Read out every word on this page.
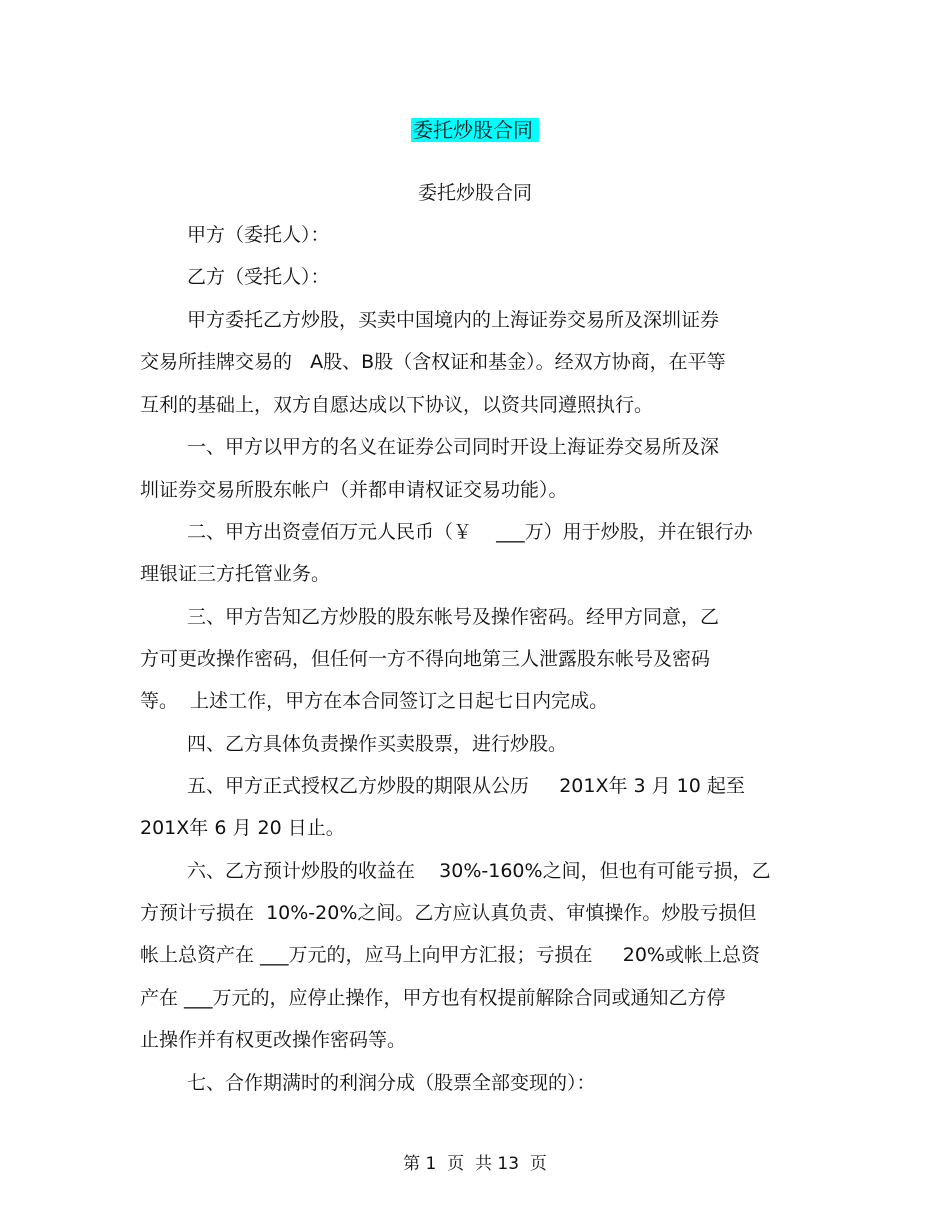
委托炒股合同
委托炒股合同
甲方（委托人）：
乙方（受托人）：
甲方委托乙方炒股，买卖中国境内的上海证券交易所及深圳证券
交易所挂牌交易的   A股、B股（含权证和基金）。经双方协商，在平等
互利的基础上，双方自愿达成以下协议，以资共同遵照执行。
一、甲方以甲方的名义在证券公司同时开设上海证券交易所及深
圳证券交易所股东帐户（并都申请权证交易功能）。
二、甲方出资壹佰万元人民币（￥    ___万）用于炒股，并在银行办
理银证三方托管业务。
三、甲方告知乙方炒股的股东帐号及操作密码。经甲方同意，乙
方可更改操作密码，但任何一方不得向地第三人泄露股东帐号及密码
等。  上述工作，甲方在本合同签订之日起七日内完成。
四、乙方具体负责操作买卖股票，进行炒股。
五、甲方正式授权乙方炒股的期限从公历     201X年 3 月 10 起至
201X年 6 月 20 日止。
六、乙方预计炒股的收益在    30%-160%之间，但也有可能亏损，乙
方预计亏损在  10%-20%之间。乙方应认真负责、审慎操作。炒股亏损但
帐上总资产在 ___万元的，应马上向甲方汇报；亏损在     20%或帐上总资
产在 ___万元的，应停止操作，甲方也有权提前解除合同或通知乙方停
止操作并有权更改操作密码等。
七、合作期满时的利润分成（股票全部变现的）：
第 1  页  共 13  页
